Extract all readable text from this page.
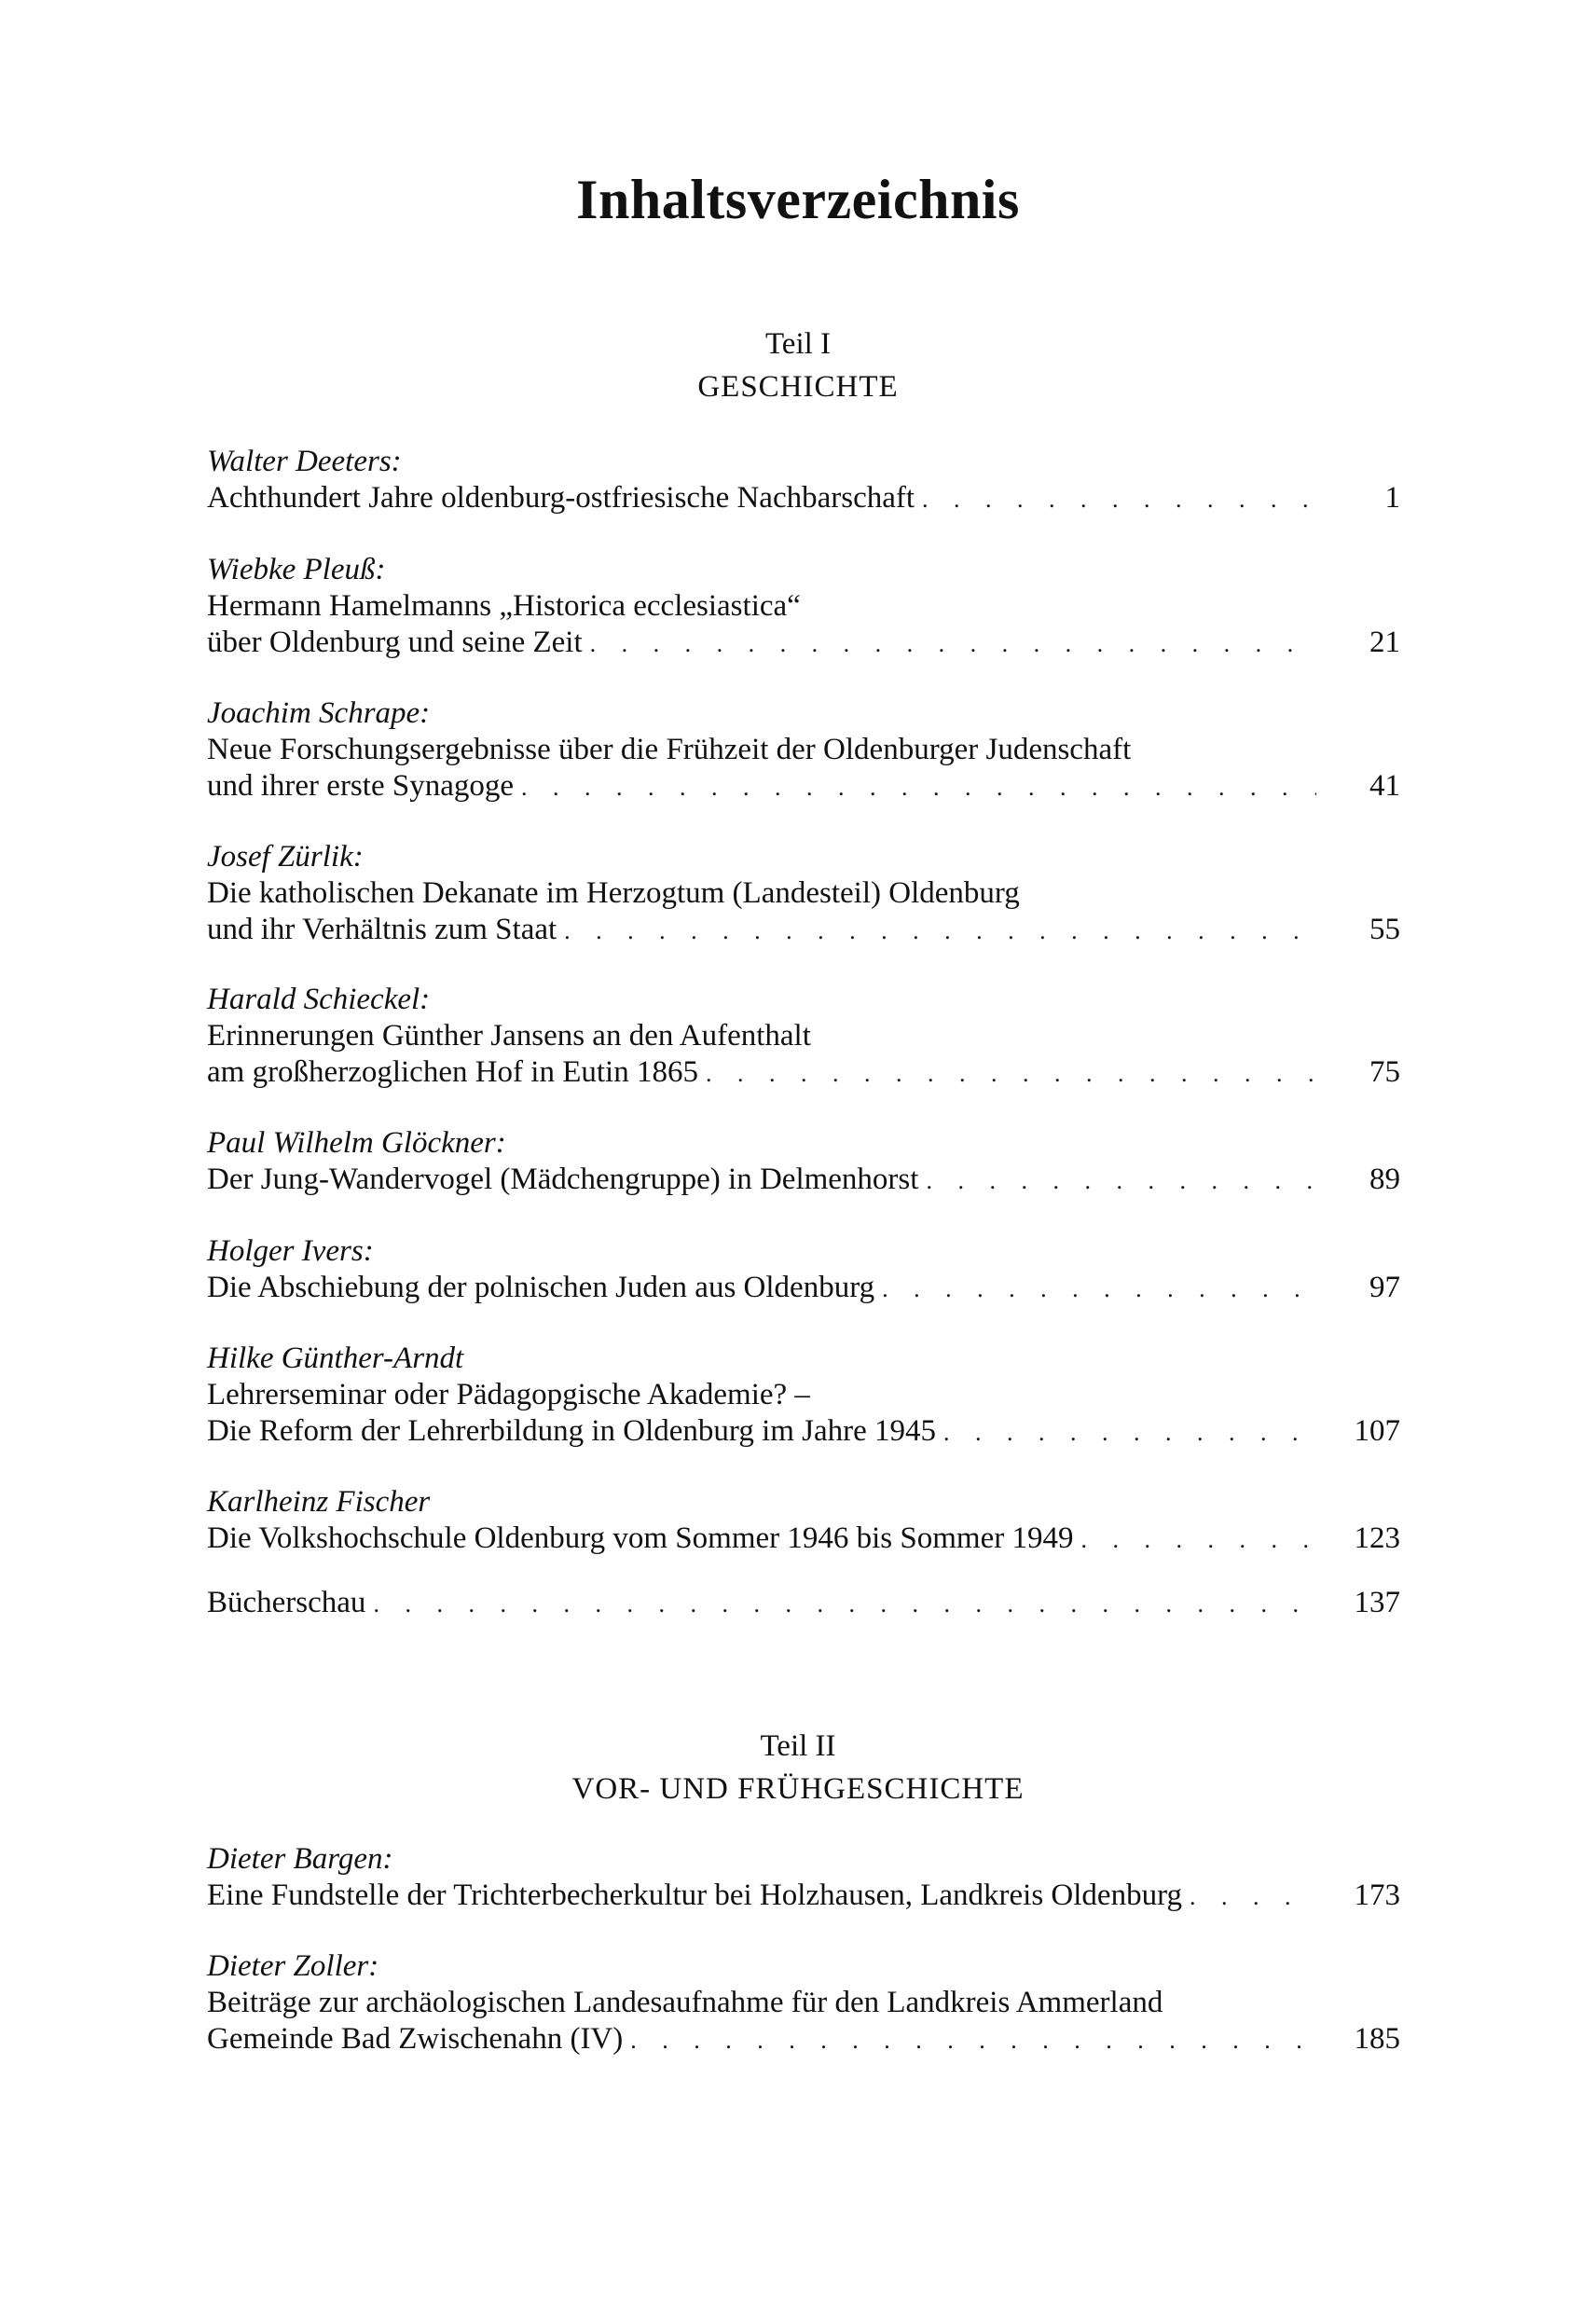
Inhaltsverzeichnis
Teil I
GESCHICHTE
Walter Deeters:
Achthundert Jahre oldenburg-ostfriesische Nachbarschaft . . .	1
Wiebke Pleuß:
Hermann Hamelmanns „Historica ecclesiastica“
über Oldenburg und seine Zeit . . .	21
Joachim Schrape:
Neue Forschungsergebnisse über die Frühzeit der Oldenburger Judenschaft
und ihrer erste Synagoge . . .	41
Josef Zürlik:
Die katholischen Dekanate im Herzogtum (Landesteil) Oldenburg
und ihr Verhältnis zum Staat . . .	55
Harald Schieckel:
Erinnerungen Günther Jansens an den Aufenthalt
am großherzoglichen Hof in Eutin 1865 . . .	75
Paul Wilhelm Glöckner:
Der Jung-Wandervogel (Mädchengruppe) in Delmenhorst . . .	89
Holger Ivers:
Die Abschiebung der polnischen Juden aus Oldenburg . . .	97
Hilke Günther-Arndt
Lehrerseminar oder Pädagopgische Akademie? –
Die Reform der Lehrerbildung in Oldenburg im Jahre 1945 . . .	107
Karlheinz Fischer
Die Volkshochschule Oldenburg vom Sommer 1946 bis Sommer 1949 . . .	123
Bücherschau . . .	137
Teil II
VOR- UND FRÜHGESCHICHTE
Dieter Bargen:
Eine Fundstelle der Trichterbecherkultur bei Holzhausen, Landkreis Oldenburg . . .	173
Dieter Zoller:
Beiträge zur archäologischen Landesaufnahme für den Landkreis Ammerland
Gemeinde Bad Zwischenahn (IV) . . .	185
